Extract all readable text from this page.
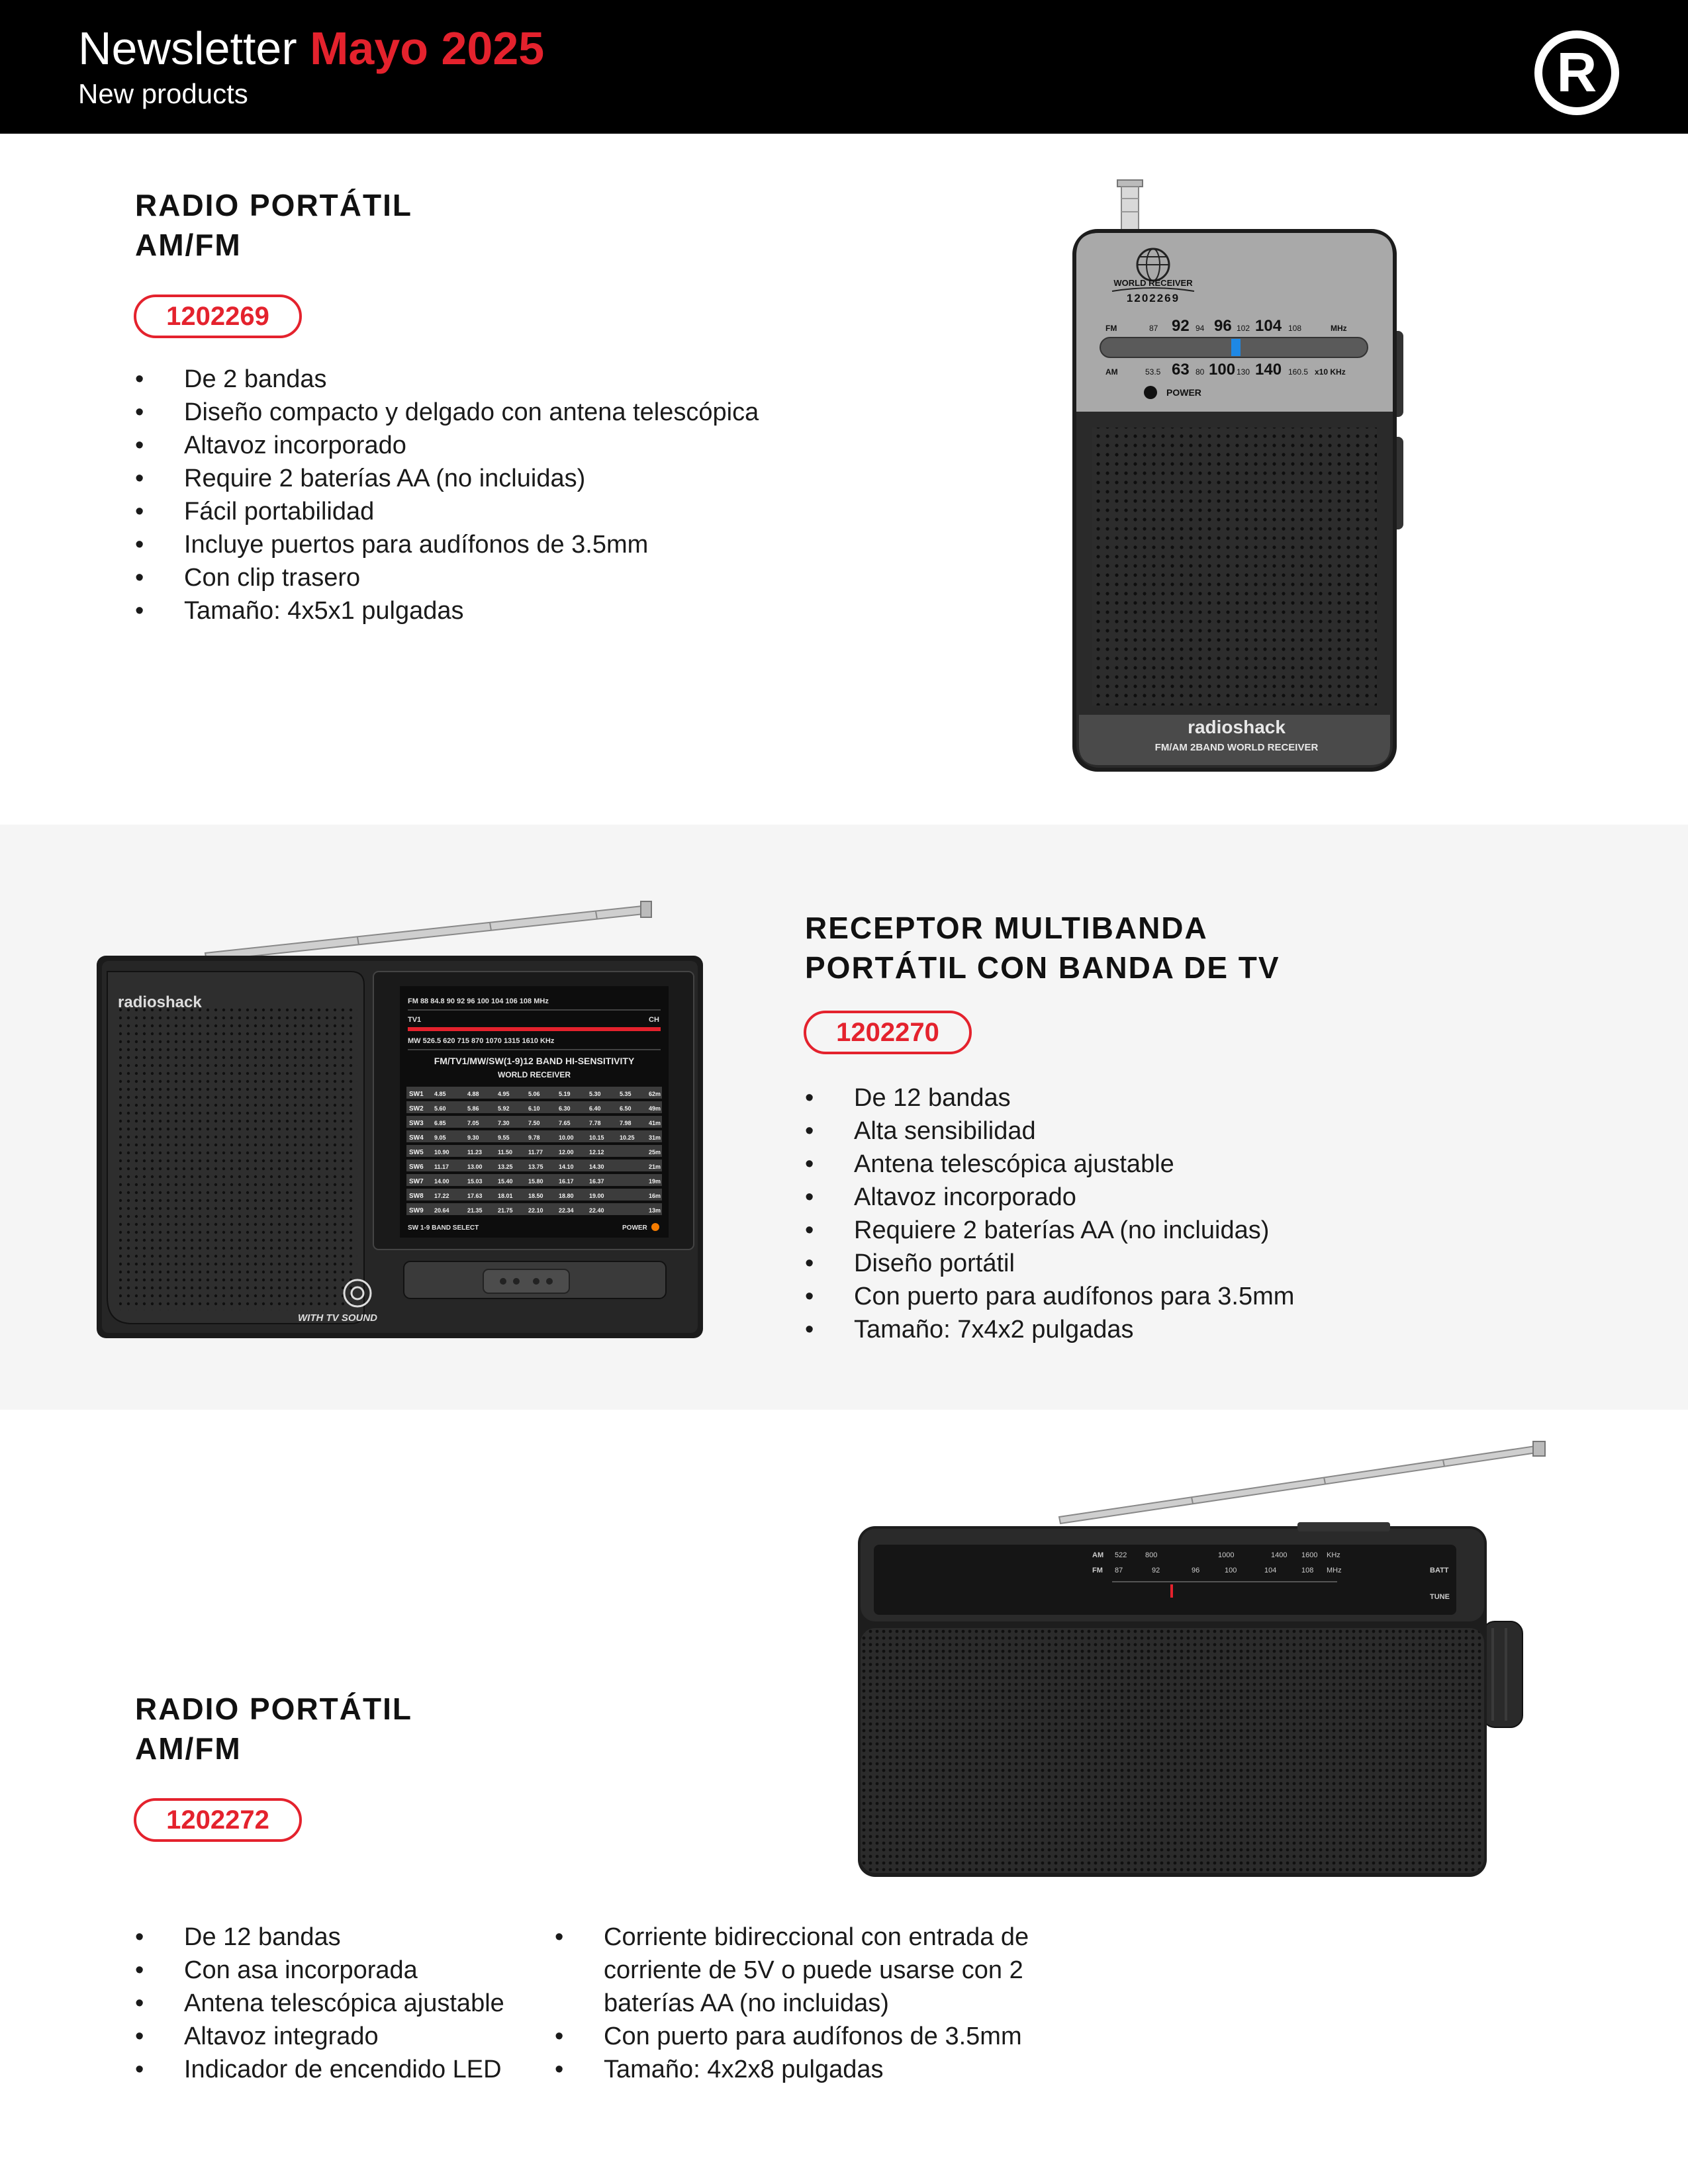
Newsletter Mayo 2025
New products	R
RADIO PORTÁTIL
AM/FM
1202269
• De 2 bandas
• Diseño compacto y delgado con antena telescópica
• Altavoz incorporado
• Require 2 baterías AA (no incluidas)
• Fácil portabilidad
• Incluye puertos para audífonos de 3.5mm
• Con clip trasero
• Tamaño: 4x5x1 pulgadas
WORLD RECEIVER
1202269
FM	87 92 94 96 102 104 108	MHz
AM	53.5 63 80 100 130 140 160.5 x10 KHz
POWER
radioshack
FM/AM 2BAND WORLD RECEIVER
radioshack	FM 88 84.8 90 92 96 100 104 106 108 MHz
TV1	CH
MW 526.5 620 715 870 1070 1315 1610 KHz
FM/TV1/MW/SW(1-9)12 BAND HI-SENSITIVITY
WORLD RECEIVER
SW1 4.85	4.88	4.95	5.06	5.19	5.30	5.35	62m
SW2 5.60	5.86	5.92	6.10	6.30	6.40	6.50	49m
SW3 6.85	7.05	7.30	7.50	7.65	7.78	7.98	41m
SW4 9.05	9.30	9.55	9.78	10.00	10.15	10.25 31m
SW5 10.90	11.23	11.50	11.77	12.00	12.12	25m
SW6 11.17	13.00	13.25	13.75	14.10	14.30	21m
SW7 14.00	15.03	15.40	15.80	16.17	16.37	19m
SW8 17.22	17.63	18.01	18.50	18.80	19.00	16m
SW9 20.64	21.35	21.75	22.10	22.34	22.40	13m
SW 1-9 BAND SELECT	POWER
WITH TV SOUND
RECEPTOR MULTIBANDA
PORTÁTIL CON BANDA DE TV
1202270
• De 12 bandas
• Alta sensibilidad
• Antena telescópica ajustable
• Altavoz incorporado
• Requiere 2 baterías AA (no incluidas)
• Diseño portátil
• Con puerto para audífonos para 3.5mm
• Tamaño: 7x4x2 pulgadas
AM 522	800	1000	1400 1600 KHz
FM 87	92	96	100	104	108 MHz	BATT
TUNE
RADIO PORTÁTIL
AM/FM
1202272
• De 12 bandas
• Con asa incorporada
• Antena telescópica ajustable
• Altavoz integrado
• Indicador de encendido LED
• Corriente bidireccional con entrada de corriente de 5V o puede usarse con 2 baterías AA (no incluidas)
• Con puerto para audífonos de 3.5mm
• Tamaño: 4x2x8 pulgadas
